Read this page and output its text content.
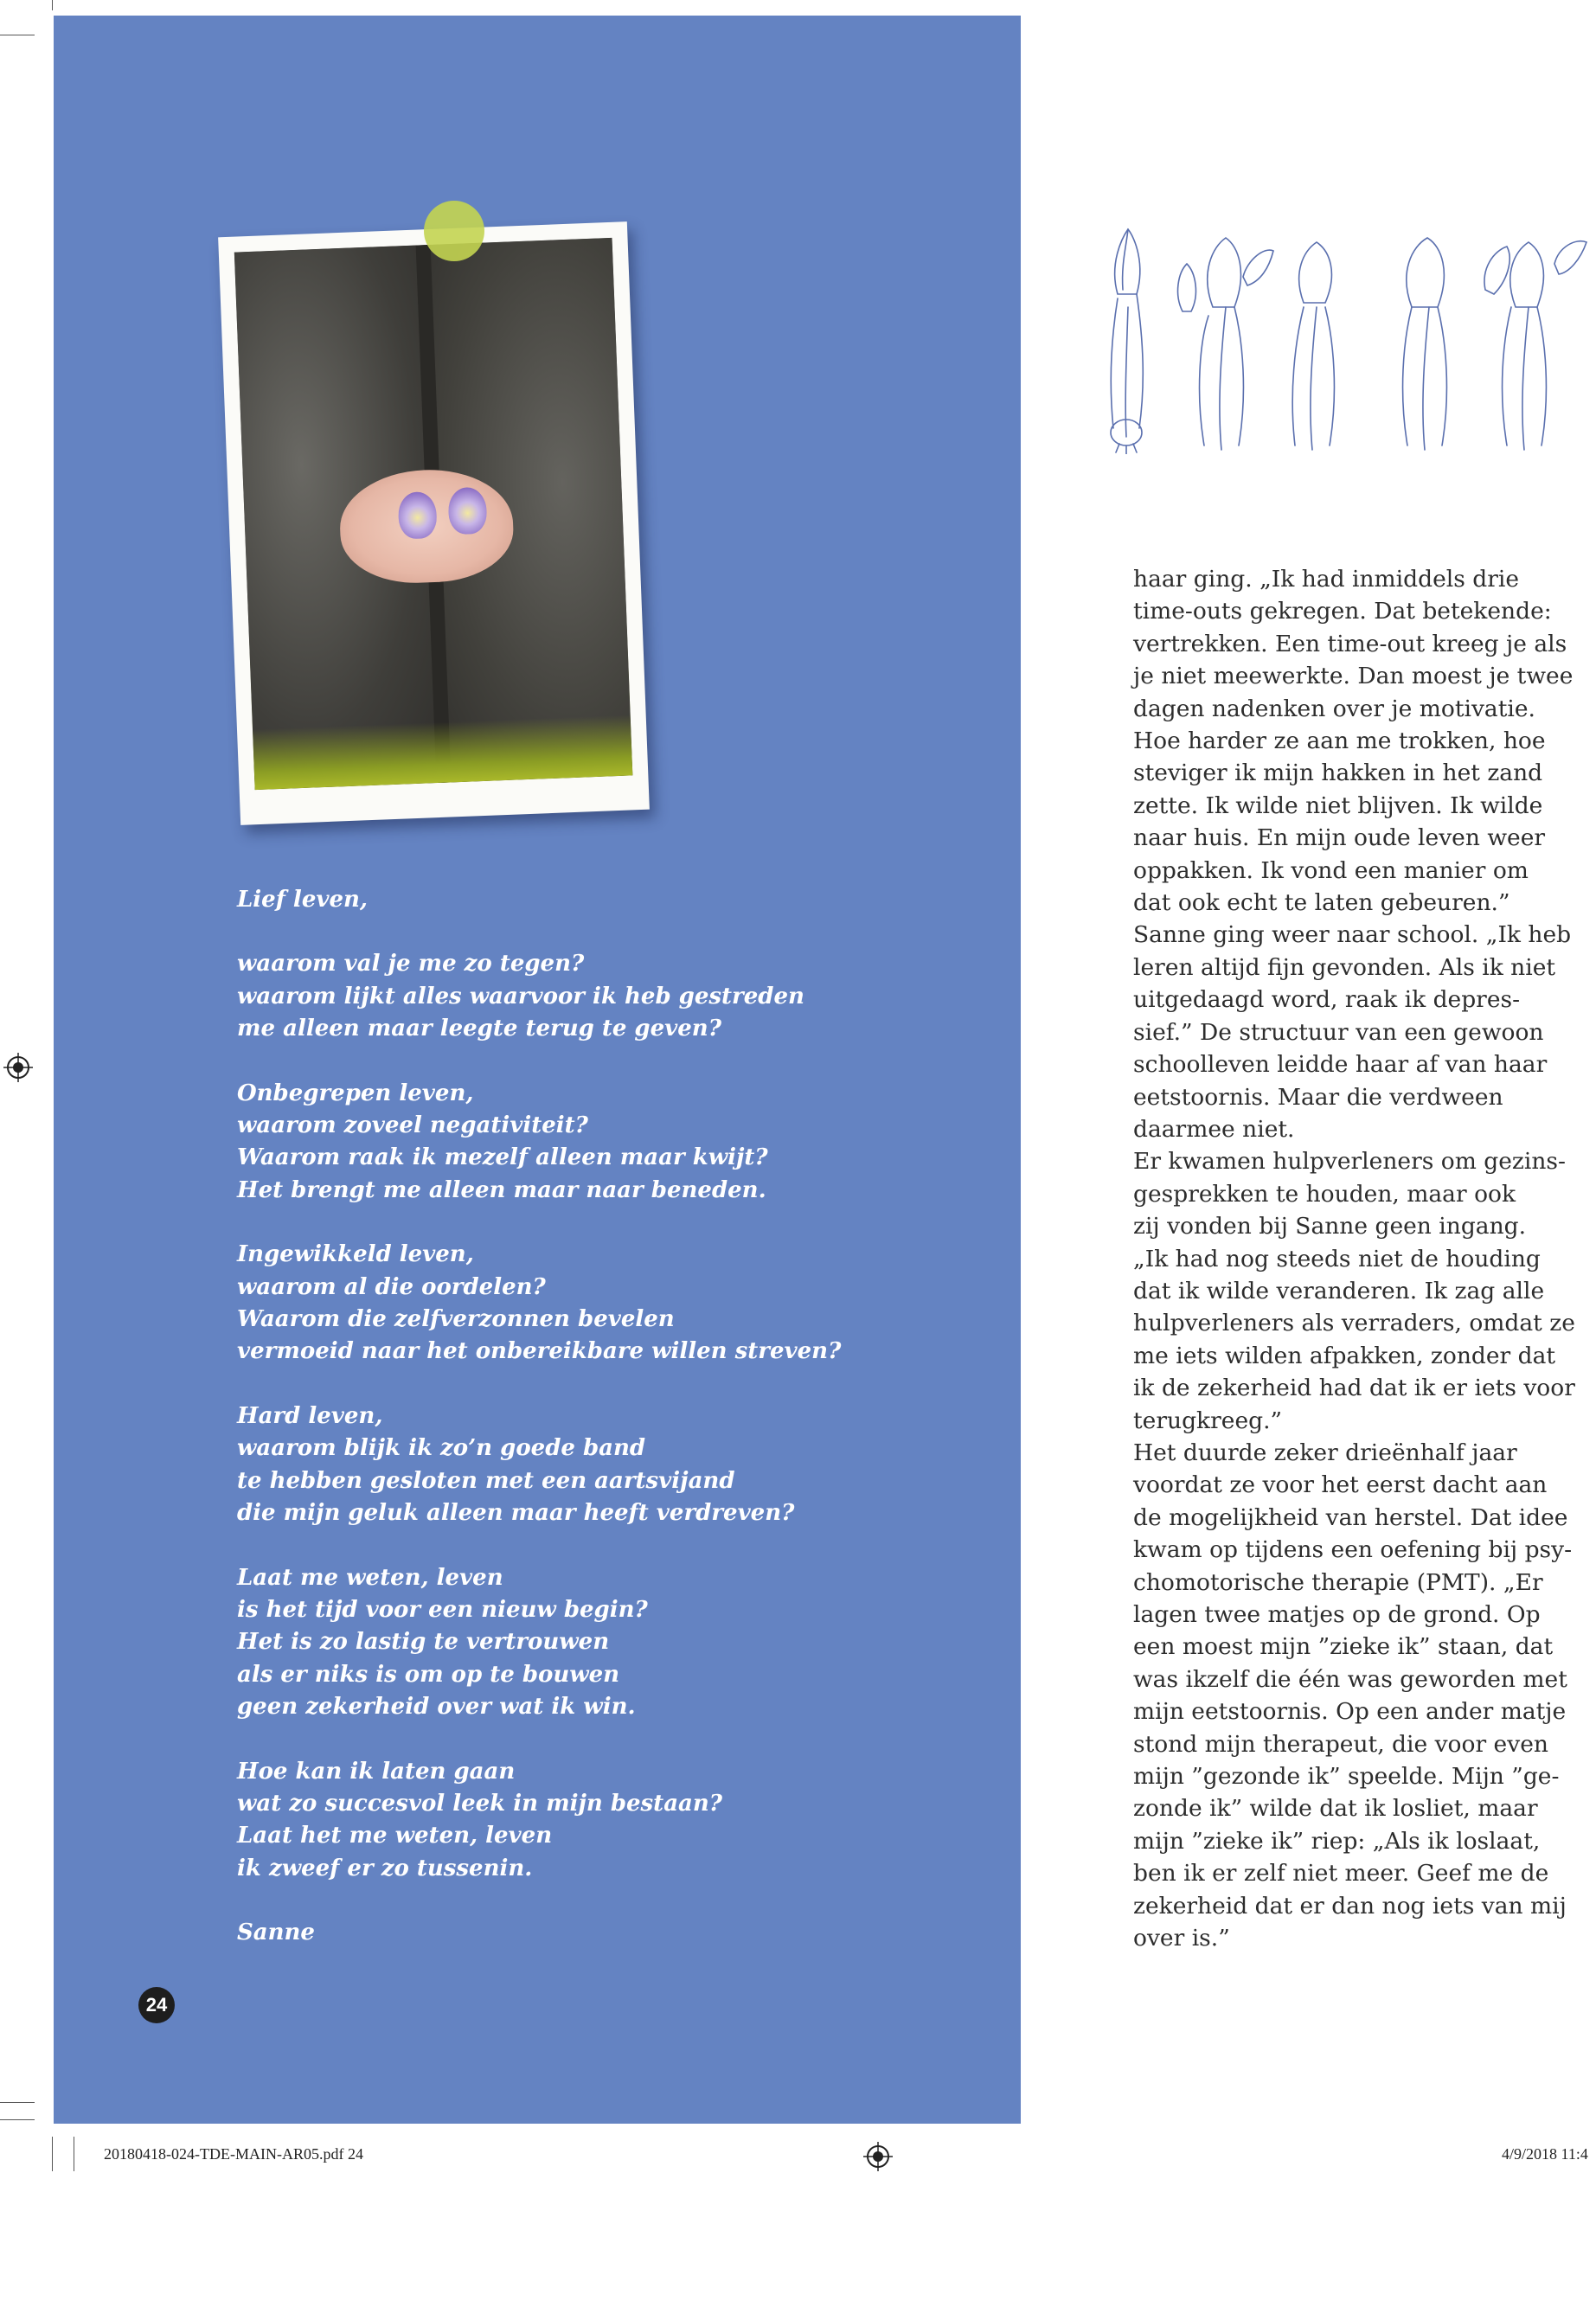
Lief leven,
waarom val je me zo tegen?
waarom lijkt alles waarvoor ik heb gestreden
me alleen maar leegte terug te geven?
Onbegrepen leven,
waarom zoveel negativiteit?
Waarom raak ik mezelf alleen maar kwijt?
Het brengt me alleen maar naar beneden.
Ingewikkeld leven,
waarom al die oordelen?
Waarom die zelfverzonnen bevelen
vermoeid naar het onbereikbare willen streven?
Hard leven,
waarom blijk ik zo’n goede band
te hebben gesloten met een aartsvijand
die mijn geluk alleen maar heeft verdreven?
Laat me weten, leven
is het tijd voor een nieuw begin?
Het is zo lastig te vertrouwen
als er niks is om op te bouwen
geen zekerheid over wat ik win.
Hoe kan ik laten gaan
wat zo succesvol leek in mijn bestaan?
Laat het me weten, leven
ik zweef er zo tussenin.
Sanne
24
haar ging. „Ik had inmiddels drie
time-outs gekregen. Dat betekende:
vertrekken. Een time-out kreeg je als
je niet meewerkte. Dan moest je twee
dagen nadenken over je motivatie.
Hoe harder ze aan me trokken, hoe
steviger ik mijn hakken in het zand
zette. Ik wilde niet blijven. Ik wilde
naar huis. En mijn oude leven weer
oppakken. Ik vond een manier om
dat ook echt te laten gebeuren.”
Sanne ging weer naar school. „Ik heb
leren altijd fijn gevonden. Als ik niet
uitgedaagd word, raak ik depres-
sief.” De structuur van een gewoon
schoolleven leidde haar af van haar
eetstoornis. Maar die verdween
daarmee niet.
Er kwamen hulpverleners om gezins-
gesprekken te houden, maar ook
zij vonden bij Sanne geen ingang.
„Ik had nog steeds niet de houding
dat ik wilde veranderen. Ik zag alle
hulpverleners als verraders, omdat ze
me iets wilden afpakken, zonder dat
ik de zekerheid had dat ik er iets voor
terugkreeg.”
Het duurde zeker drieënhalf jaar
voordat ze voor het eerst dacht aan
de mogelijkheid van herstel. Dat idee
kwam op tijdens een oefening bij psy-
chomotorische therapie (PMT). „Er
lagen twee matjes op de grond. Op
een moest mijn ”zieke ik” staan, dat
was ikzelf die één was geworden met
mijn eetstoornis. Op een ander matje
stond mijn therapeut, die voor even
mijn ”gezonde ik” speelde. Mijn ”ge-
zonde ik” wilde dat ik losliet, maar
mijn ”zieke ik” riep: „Als ik loslaat,
ben ik er zelf niet meer. Geef me de
zekerheid dat er dan nog iets van mij
over is.”
20180418-024-TDE-MAIN-AR05.pdf 24	4/9/2018 11:4
